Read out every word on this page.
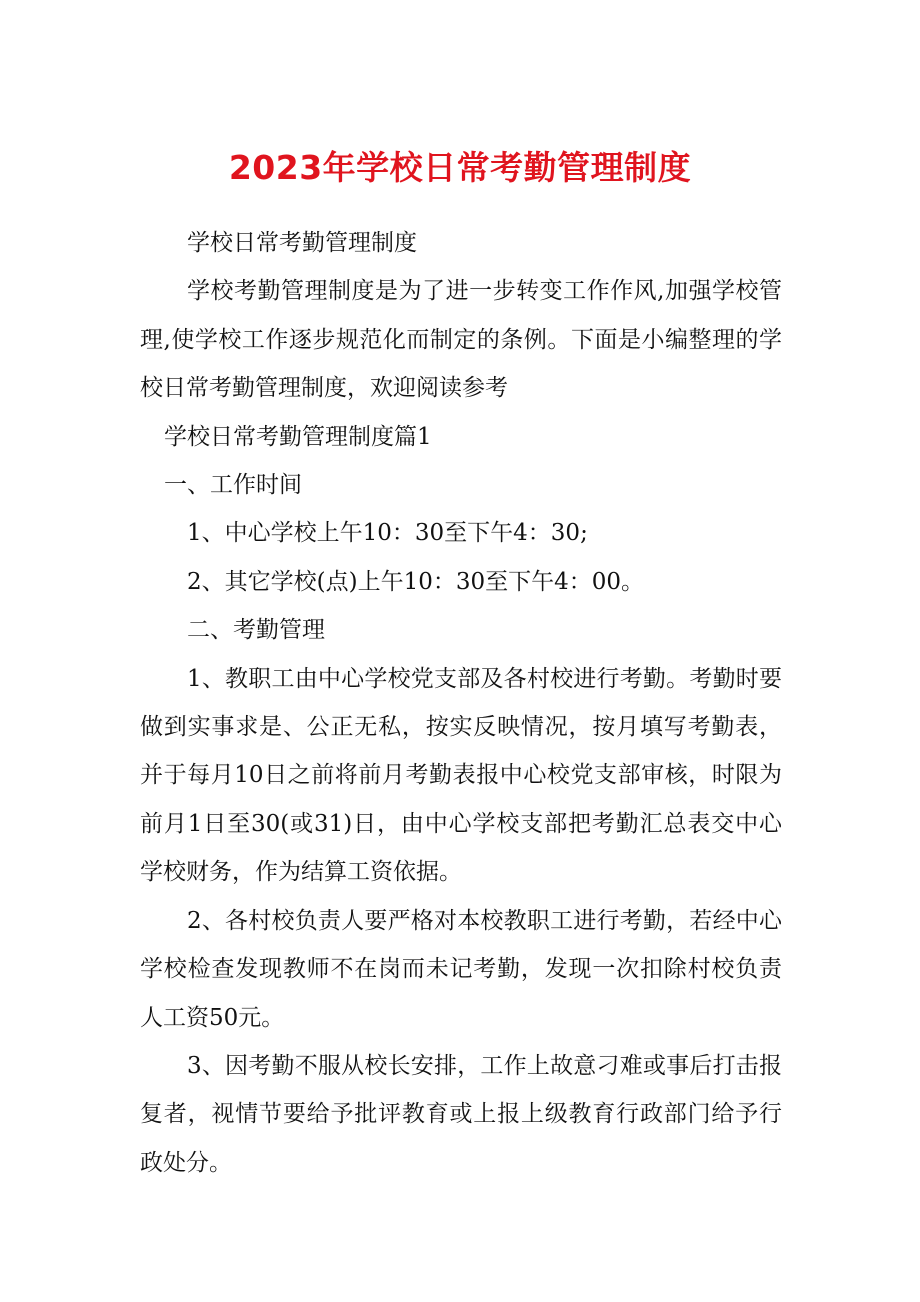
2023年学校日常考勤管理制度

学校日常考勤管理制度

学校考勤管理制度是为了进一步转变工作作风,加强学校管理,使学校工作逐步规范化而制定的条例。下面是小编整理的学校日常考勤管理制度，欢迎阅读参考

学校日常考勤管理制度篇1

一、工作时间

1、中心学校上午10：30至下午4：30;

2、其它学校(点)上午10：30至下午4：00。

二、考勤管理

1、教职工由中心学校党支部及各村校进行考勤。考勤时要做到实事求是、公正无私，按实反映情况，按月填写考勤表，并于每月10日之前将前月考勤表报中心校党支部审核，时限为前月1日至30(或31)日，由中心学校支部把考勤汇总表交中心学校财务，作为结算工资依据。

2、各村校负责人要严格对本校教职工进行考勤，若经中心学校检查发现教师不在岗而未记考勤，发现一次扣除村校负责人工资50元。

3、因考勤不服从校长安排，工作上故意刁难或事后打击报复者，视情节要给予批评教育或上报上级教育行政部门给予行政处分。
